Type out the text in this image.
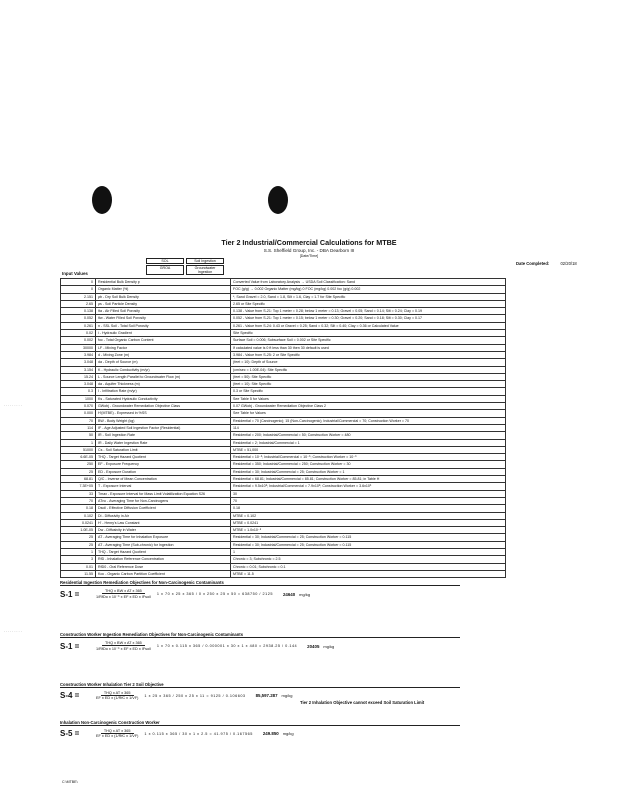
Tier 2 Industrial/Commercial Calculations for MTBE
S.S. Sheffield Group, Inc. - DBA Dearborn III
[Date/Time]
SOL	Soil Ingestion
GROA	Groundwater Ingestion
Date Completed:	02/20/18
Input Values
0	Residential Bulk Density p	Converted Value from Laboratory Analysis → USDA Soil Classification: Sand
0	Organic Matter (%)	FOC (g/g) → 0.002 Organic Matter (mg/kg) 0 FOC (mg/kg) 0.002 foc (g/g) 0.002
2.151	ρb - Dry Soil Bulk Density	*, Sand Gravel = 2.0, Sand = 1.8, Silt = 1.6, Clay = 1.7 for Site Specific
2.65	ρs - Soil Particle Density	2.65 or Site Specific
0.138	θa - Air Filled Soil Porosity	0.138 - Value from S-21: Top 1 meter = 0.28; below 1 meter = 0.13; Gravel = 0.05; Sand = 0.14; Silt = 0.24; Clay = 0.19
0.052	θw - Water Filled Soil Porosity	0.052 - Value from S-21: Top 1 meter = 0.15; below 1 meter = 0.30; Gravel = 0.20; Sand = 0.18; Silt = 0.30; Clay = 0.17
0.261	n - SSL Soil - Total Soil Porosity	0.261 - Value from S-24: 0.43 or Gravel = 0.25; Sand = 0.32; Silt = 0.40; Clay = 0.36 or Calculated Value
0.02	i - Hydraulic Gradient	Site Specific
0.002	foc - Total Organic Carbon Content	Surface Soil = 0.006; Subsurface Soil = 0.002 or Site Specific
30000	LF - Mixing Factor	If calculated value is 0 ft less than 30 then 30 default is used
3.984	d - Mixing Zone (m)	3.984 - Value from S-25: 2 or Site Specific
3.048	da - Depth of Source (m)	(feet = 10): Depth of Source
3.154	K - Hydraulic Conductivity (m/yr)	(cm/sec = 1.00E-04): Site Specific
15.24	L - Source Length Parallel to Groundwater Flow (m)	(feet = 50): Site Specific
3.048	da - Aquifer Thickness (m)	(feet = 10): Site Specific
0.3	I - Infiltration Rate (m/yr)	0.3 or Site Specific
1000	Ks - Saturated Hydraulic Conductivity	See Table 5 for Values
0.070	GWobj - Groundwater Remediation Objective Class	0.07 GWobj - Groundwater Remediation Objective Class 2
0.000	H'(MTBE) - Expressed in %SS	See Table for Values
70	BW - Body Weight (kg)	Residential = 70 (Carcinogenic); 15 (Non-Carcinogenic); Industrial/Commercial = 70; Construction Worker = 70
114	IF - Age Adjusted Soil Ingestion Factor (Residential)	114
50	IR - Soil Ingestion Rate	Residential = 200; Industrial/Commercial = 50; Construction Worker = 480
1	IR - Daily Water Ingestion Rate	Residential = 2; Industrial/Commercial = 1
51000	Cs - Soil Saturation Limit	MTBE = 51,000
6.6E-05	THQ - Target Hazard Quotient	Residential = 10⁻⁶; Industrial/Commercial = 10⁻⁶; Construction Worker = 10⁻⁶
250	EF - Exposure Frequency	Residential = 350; Industrial/Commercial = 250; Construction Worker = 30
25	ED - Exposure Duration	Residential = 30; Industrial/Commercial = 25; Construction Worker = 1
68.81	Q/C - Inverse of Mean Concentration	Residential = 68.81; Industrial/Commercial = 85.81; Construction Worker = 85.81; in Table H
7.3E+05	T - Exposure Interval	Residential = 9.5x10⁸; Industrial/Commercial = 7.9x10⁸; Construction Worker = 3.6x10⁶
33	Tmax - Exposure Interval for Mass Limit Volatilization Equation S26	30
70	ATnc - Averaging Time for Non-Carcinogens	70
0.18	Dsoil - Effective Diffusion Coefficient	0.18
0.102	Di - Diffusivity in Air	MTBE = 0.102
0.0241	H' - Henry's Law Constant	MTBE = 0.0241
1.0E-05	Dw - Diffusivity in Water	MTBE = 1.0x10⁻⁵
25	AT - Averaging Time for Inhalation Exposure	Residential = 30; Industrial/Commercial = 25; Construction Worker = 0.115
25	AT - Averaging Time (Sub-chronic) for Ingestion	Residential = 30; Industrial/Commercial = 25; Construction Worker = 0.115
1	THQ - Target Hazard Quotient	1
3	RfD - Inhalation Reference Concentration	Chronic = 3; Subchronic = 2.5
0.01	RfD0 - Oral Reference Dose	Chronic = 0.01; Subchronic = 0.1
11.55	Koc - Organic Carbon Partition Coefficient	MTBE = 11.5
· · · · · · · · ·
· · · · · · · · ·
Residential Ingestion Remediation Objectives for Non-Carcinogenic Contaminants
S-1 =	$\frac{\text{THQ x BW x AT x 365}}{\text{1/RfDo x 10⁻⁶ x EF x ED x IFsoil}} 1$ x 70 x 25 x 365 / 0 x 250 x 25 x 50 = 638750 / 2125 24640 mg/kg
Construction Worker Ingestion Remediation Objectives for Non-Carcinogenic Contaminants
S-1 =	$\frac{\text{THQ x BW x AT x 365}}{\text{1/RfDo x 10⁻⁶ x EF x ED x IFsoil}} 1$ x 70 x 0.115 x 365 / 0.000001 x 30 x 1 x 480 = 2938.25 / 0.144 20405 mg/kg
Construction Worker Inhalation Tier 2 Soil Objective
S-4 =	$\frac{\text{THQ x AT x 365}}{\text{EF x ED x (1/RfC x 1/VF)}} 1$ x 25 x 365 / 250 x 25 x 11 = 9125 / 0.106603 85,597.287 mg/kg
Tier 2 Inhalation Objective cannot exceed Soil Saturation Limit
Inhalation Non-Carcinogenic Construction Worker
S-5 =	$\frac{\text{THQ x AT x 365}}{\text{EF x ED x (1/RfC x 1/VF)}} 1$ x 0.115 x 365 / 30 x 1 x 2.5 = 41.975 / 0.167565 249.850 mg/kg
C:\MTBE\
